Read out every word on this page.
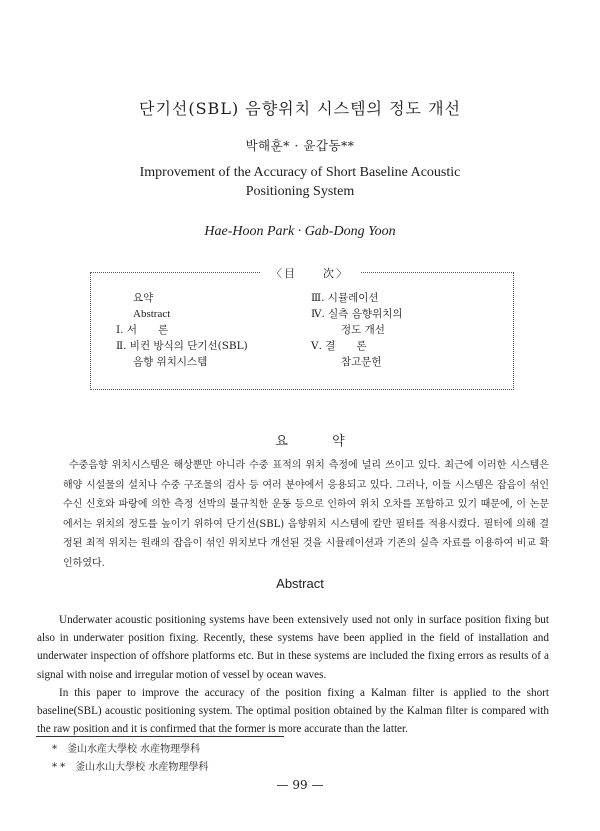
단기선(SBL) 음향위치 시스템의 정도 개선
박해훈* · 윤갑동**
Improvement of the Accuracy of Short Baseline Acoustic
Positioning System
Hae-Hoon Park · Gab-Dong Yoon
〈目　　次〉
요약
Abstract
Ⅰ. 서　　론
Ⅱ. 비컨 방식의 단기선(SBL)
음향 위치시스템
Ⅲ. 시뮬레이션
Ⅳ. 실측 음향위치의
정도 개선
Ⅴ. 결　　론
참고문헌
요 약
수중음향 위치시스템은 해상뿐만 아니라 수중 표적의 위치 측정에 널리 쓰이고 있다. 최근에 이러한 시스템은 해양 시설물의 설치나 수중 구조물의 검사 등 여러 분야에서 응용되고 있다. 그러나, 이들 시스템은 잡음이 섞인 수신 신호와 파랑에 의한 측정 선박의 불규칙한 운동 등으로 인하여 위치 오차를 포함하고 있기 때문에, 이 논문에서는 위치의 정도를 높이기 위하여 단기선(SBL) 음향위치 시스템에 칼만 필터를 적용시켰다. 필터에 의해 결정된 최적 위치는 원래의 잡음이 섞인 위치보다 개선된 것을 시뮬레이션과 기존의 실측 자료를 이용하여 비교 확인하였다.
Abstract

Underwater acoustic positioning systems have been extensively used not only in surface position fixing but also in underwater position fixing. Recently, these systems have been applied in the field of installation and underwater inspection of offshore platforms etc. But in these systems are included the fixing errors as results of a signal with noise and irregular motion of vessel by ocean waves.

In this paper to improve the accuracy of the position fixing a Kalman filter is applied to the short baseline(SBL) acoustic positioning system. The optimal position obtained by the Kalman filter is compared with the raw position and it is confirmed that the former is more accurate than the latter.

*　釜山水産大學校 水産物理學科
* *　釜山水山大學校 水産物理學科
— 99 —
